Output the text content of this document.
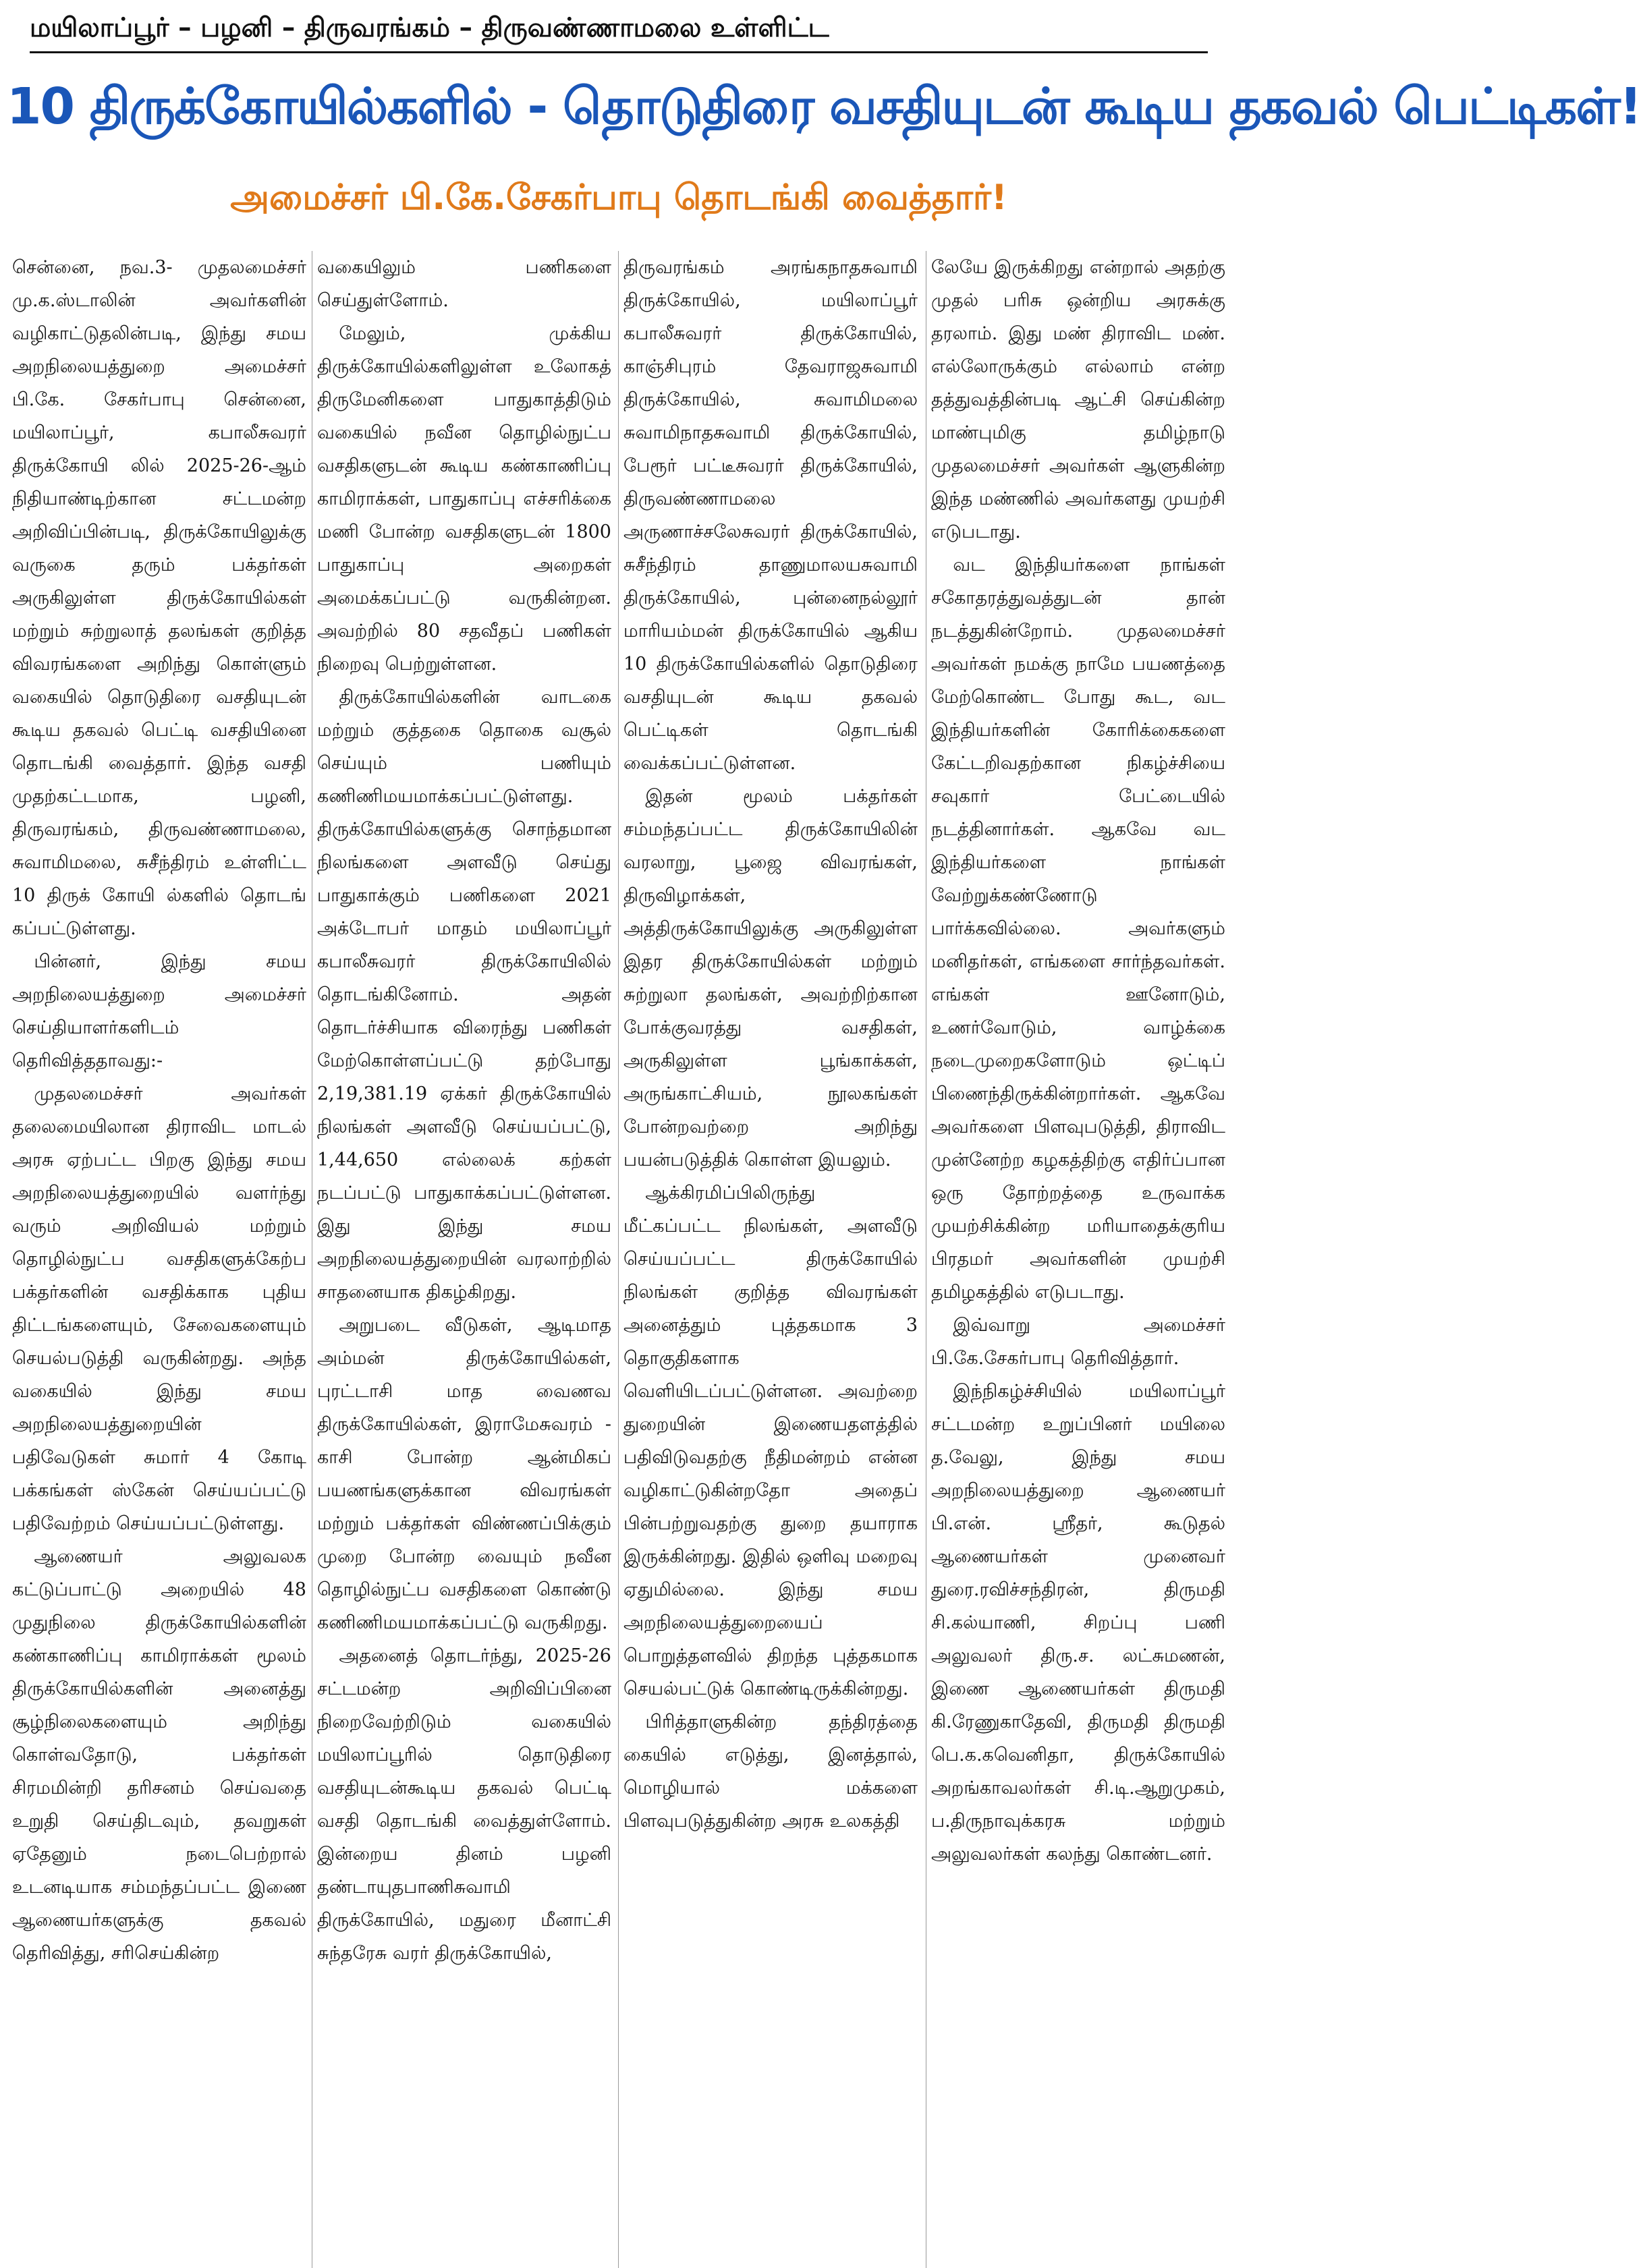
மயிலாப்பூர் – பழனி – திருவரங்கம் – திருவண்ணாமலை உள்ளிட்ட
10 திருக்கோயில்களில் - தொடுதிரை வசதியுடன் கூடிய தகவல் பெட்டிகள்!
அமைச்சர் பி.கே.சேகர்பாபு தொடங்கி வைத்தார்!

சென்னை, நவ.3- முதலமைச்சர் மு.க.ஸ்டாலின் அவர்களின் வழிகாட்டுதலின்படி, இந்து சமய அறநிலையத்துறை அமைச்சர் பி.கே. சேகர்பாபு சென்னை, மயிலாப்பூர், கபாலீசுவரர் திருக்கோயி லில் 2025-26-ஆம் நிதியாண்டிற்கான சட்டமன்ற அறிவிப்பின்படி, திருக்கோயிலுக்கு வருகை தரும் பக்தர்கள் அருகிலுள்ள திருக்கோயில்கள் மற்றும் சுற்றுலாத் தலங்கள் குறித்த விவரங்களை அறிந்து கொள்ளும் வகையில் தொடுதிரை வசதியுடன் கூடிய தகவல் பெட்டி வசதியினை தொடங்கி வைத்தார். இந்த வசதி முதற்கட்டமாக, பழனி, திருவரங்கம், திருவண்ணாமலை, சுவாமிமலை, சுசீந்திரம் உள்ளிட்ட 10 திருக் கோயி ல்களில் தொடங் கப்பட்டுள்ளது.

பின்னர், இந்து சமய அறநிலையத்துறை அமைச்சர் செய்தியாளர்களிடம் தெரிவித்ததாவது:-

முதலமைச்சர் அவர்கள் தலைமையிலான திராவிட மாடல் அரசு ஏற்பட்ட பிறகு இந்து சமய அறநிலையத்துறையில் வளர்ந்து வரும் அறிவியல் மற்றும் தொழில்நுட்ப வசதிகளுக்கேற்ப பக்தர்களின் வசதிக்காக புதிய திட்டங்களையும், சேவைகளையும் செயல்படுத்தி வருகின்றது. அந்த வகையில் இந்து சமய அறநிலையத்துறையின் பதிவேடுகள் சுமார் 4 கோடி பக்கங்கள் ஸ்கேன் செய்யப்பட்டு பதிவேற்றம் செய்யப்பட்டுள்ளது.

ஆணையர் அலுவலக கட்டுப்பாட்டு அறையில் 48 முதுநிலை திருக்கோயில்களின் கண்காணிப்பு காமிராக்கள் மூலம் திருக்கோயில்களின் அனைத்து சூழ்நிலைகளையும் அறிந்து கொள்வதோடு, பக்தர்கள் சிரமமின்றி தரிசனம் செய்வதை உறுதி செய்திடவும், தவறுகள் ஏதேனும் நடைபெற்றால் உடனடியாக சம்மந்தப்பட்ட இணை ஆணையர்களுக்கு தகவல் தெரிவித்து, சரிசெய்கின்ற

வகையிலும் பணிகளை செய்துள்ளோம்.

மேலும், முக்கிய திருக்கோயில்களிலுள்ள உலோகத் திருமேனிகளை பாதுகாத்திடும் வகையில் நவீன தொழில்நுட்ப வசதிகளுடன் கூடிய கண்காணிப்பு காமிராக்கள், பாதுகாப்பு எச்சரிக்கை மணி போன்ற வசதிகளுடன் 1800 பாதுகாப்பு அறைகள் அமைக்கப்பட்டு வருகின்றன. அவற்றில் 80 சதவீதப் பணிகள் நிறைவு பெற்றுள்ளன.

திருக்கோயில்களின் வாடகை மற்றும் குத்தகை தொகை வசூல் செய்யும் பணியும் கணிணிமயமாக்கப்பட்டுள்ளது. திருக்கோயில்களுக்கு சொந்தமான நிலங்களை அளவீடு செய்து பாதுகாக்கும் பணிகளை 2021 அக்டோபர் மாதம் மயிலாப்பூர் கபாலீசுவரர் திருக்கோயிலில் தொடங்கினோம். அதன் தொடர்ச்சியாக விரைந்து பணிகள் மேற்கொள்ளப்பட்டு தற்போது 2,19,381.19 ஏக்கர் திருக்கோயில் நிலங்கள் அளவீடு செய்யப்பட்டு, 1,44,650 எல்லைக் கற்கள் நடப்பட்டு பாதுகாக்கப்பட்டுள்ளன. இது இந்து சமய அறநிலையத்துறையின் வரலாற்றில் சாதனையாக திகழ்கிறது.

அறுபடை வீடுகள், ஆடிமாத அம்மன் திருக்கோயில்கள், புரட்டாசி மாத வைணவ திருக்கோயில்கள், இராமேசுவரம் - காசி போன்ற ஆன்மிகப் பயணங்களுக்கான விவரங்கள் மற்றும் பக்தர்கள் விண்ணப்பிக்கும் முறை போன்ற வையும் நவீன தொழில்நுட்ப வசதிகளை கொண்டு கணிணிமயமாக்கப்பட்டு வருகிறது.

அதனைத் தொடர்ந்து, 2025-26 சட்டமன்ற அறிவிப்பினை நிறைவேற்றிடும் வகையில் மயிலாப்பூரில் தொடுதிரை வசதியுடன்கூடிய தகவல் பெட்டி வசதி தொடங்கி வைத்துள்ளோம். இன்றைய தினம் பழனி தண்டாயுதபாணிசுவாமி திருக்கோயில், மதுரை மீனாட்சி சுந்தரேசு வரர் திருக்கோயில்,

திருவரங்கம் அரங்கநாதசுவாமி திருக்கோயில், மயிலாப்பூர் கபாலீசுவரர் திருக்கோயில், காஞ்சிபுரம் தேவராஜசுவாமி திருக்கோயில், சுவாமிமலை சுவாமிநாதசுவாமி திருக்கோயில், பேரூர் பட்டீசுவரர் திருக்கோயில், திருவண்ணாமலை அருணாச்சலேசுவரர் திருக்கோயில், சுசீந்திரம் தாணுமாலயசுவாமி திருக்கோயில், புன்னைநல்லூர் மாரியம்மன் திருக்கோயில் ஆகிய 10 திருக்கோயில்களில் தொடுதிரை வசதியுடன் கூடிய தகவல் பெட்டிகள் தொடங்கி வைக்கப்பட்டுள்ளன.

இதன் மூலம் பக்தர்கள் சம்மந்தப்பட்ட திருக்கோயிலின் வரலாறு, பூஜை விவரங்கள், திருவிழாக்கள், அத்திருக்கோயிலுக்கு அருகிலுள்ள இதர திருக்கோயில்கள் மற்றும் சுற்றுலா தலங்கள், அவற்றிற்கான போக்குவரத்து வசதிகள், அருகிலுள்ள பூங்காக்கள், அருங்காட்சியம், நூலகங்கள் போன்றவற்றை அறிந்து பயன்படுத்திக் கொள்ள இயலும்.

ஆக்கிரமிப்பிலிருந்து மீட்கப்பட்ட நிலங்கள், அளவீடு செய்யப்பட்ட திருக்கோயில் நிலங்கள் குறித்த விவரங்கள் அனைத்தும் புத்தகமாக 3 தொகுதிகளாக வெளியிடப்பட்டுள்ளன. அவற்றை துறையின் இணையதளத்தில் பதிவிடுவதற்கு நீதிமன்றம் என்ன வழிகாட்டுகின்றதோ அதைப் பின்பற்றுவதற்கு துறை தயாராக இருக்கின்றது. இதில் ஒளிவு மறைவு ஏதுமில்லை. இந்து சமய அறநிலையத்துறையைப் பொறுத்தளவில் திறந்த புத்தகமாக செயல்பட்டுக் கொண்டிருக்கின்றது.

பிரித்தாளுகின்ற தந்திரத்தை கையில் எடுத்து, இனத்தால், மொழியால் மக்களை பிளவுபடுத்துகின்ற அரசு உலகத்தி

லேயே இருக்கிறது என்றால் அதற்கு முதல் பரிசு ஒன்றிய அரசுக்கு தரலாம். இது மண் திராவிட மண். எல்லோருக்கும் எல்லாம் என்ற தத்துவத்தின்படி ஆட்சி செய்கின்ற மாண்புமிகு தமிழ்நாடு முதலமைச்சர் அவர்கள் ஆளுகின்ற இந்த மண்ணில் அவர்களது முயற்சி எடுபடாது.

வட இந்தியர்களை நாங்கள் சகோதரத்துவத்துடன் தான் நடத்துகின்றோம். முதலமைச்சர் அவர்கள் நமக்கு நாமே பயணத்தை மேற்கொண்ட போது கூட, வட இந்தியர்களின் கோரிக்கைகளை கேட்டறிவதற்கான நிகழ்ச்சியை சவுகார் பேட்டையில் நடத்தினார்கள். ஆகவே வட இந்தியர்களை நாங்கள் வேற்றுக்கண்ணோடு பார்க்கவில்லை. அவர்களும் மனிதர்கள், எங்களை சார்ந்தவர்கள். எங்கள் ஊனோடும், உணர்வோடும், வாழ்க்கை நடைமுறைகளோடும் ஒட்டிப் பிணைந்திருக்கின்றார்கள். ஆகவே அவர்களை பிளவுபடுத்தி, திராவிட முன்னேற்ற கழகத்திற்கு எதிர்ப்பான ஒரு தோற்றத்தை உருவாக்க முயற்சிக்கின்ற மரியாதைக்குரிய பிரதமர் அவர்களின் முயற்சி தமிழகத்தில் எடுபடாது.

இவ்வாறு அமைச்சர் பி.கே.சேகர்பாபு தெரிவித்தார்.

இந்நிகழ்ச்சியில் மயிலாப்பூர் சட்டமன்ற உறுப்பினர் மயிலை த.வேலு, இந்து சமய அறநிலையத்துறை ஆணையர் பி.என். ஸ்ரீதர், கூடுதல் ஆணையர்கள் முனைவர் துரை.ரவிச்சந்திரன், திருமதி சி.கல்யாணி, சிறப்பு பணி அலுவலர் திரு.ச. லட்சுமணன், இணை ஆணையர்கள் திருமதி கி.ரேணுகாதேவி, திருமதி திருமதி பெ.க.கவெனிதா, திருக்கோயில் அறங்காவலர்கள் சி.டி.ஆறுமுகம், ப.திருநாவுக்கரசு மற்றும் அலுவலர்கள் கலந்து கொண்டனர்.
